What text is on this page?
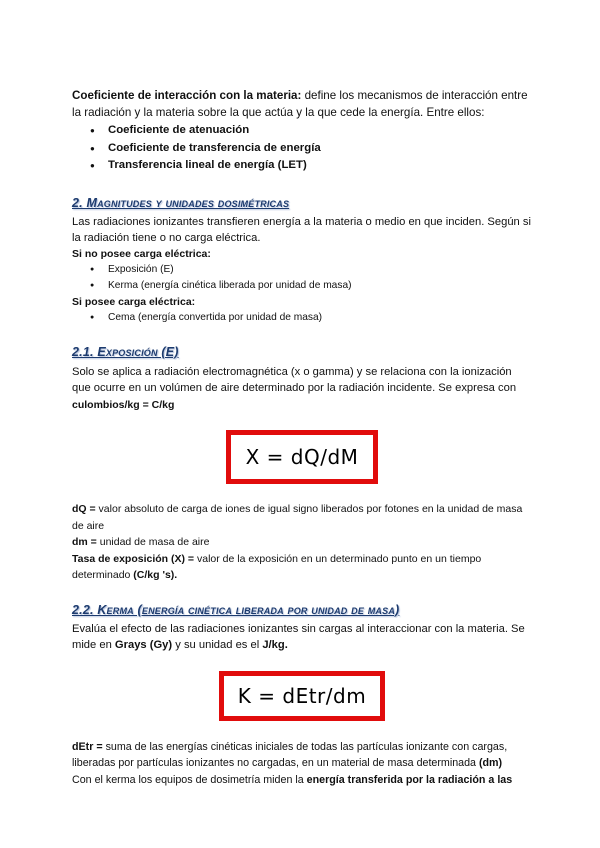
Coeficiente de interacción con la materia: define los mecanismos de interacción entre la radiación y la materia sobre la que actúa y la que cede la energía. Entre ellos:

● Coeficiente de atenuación
● Coeficiente de transferencia de energía
● Transferencia lineal de energía (LET)
2. Magnitudes y unidades dosimétricas

Las radiaciones ionizantes transfieren energía a la materia o medio en que inciden. Según si la radiación tiene o no carga eléctrica.

Si no posee carga eléctrica:
● Exposición (E)
● Kerma (energía cinética liberada por unidad de masa)
Si posee carga eléctrica:
● Cema (energía convertida por unidad de masa)
2.1. Exposición (E)

Solo se aplica a radiación electromagnética (x o gamma) y se relaciona con la ionización que ocurre en un volúmen de aire determinado por la radiación incidente. Se expresa con

culombios/kg = C/kg

X = dQ/dM

dQ = valor absoluto de carga de iones de igual signo liberados por fotones en la unidad de masa de aire

dm = unidad de masa de aire

Tasa de exposición (X) = valor de la exposición en un determinado punto en un tiempo determinado (C/kg 's).

2.2. Kerma (energía cinética liberada por unidad de masa)

Evalúa el efecto de las radiaciones ionizantes sin cargas al interaccionar con la materia. Se mide en Grays (Gy) y su unidad es el J/kg.

K = dEtr/dm

dEtr = suma de las energías cinéticas iniciales de todas las partículas ionizante con cargas, liberadas por partículas ionizantes no cargadas, en un material de masa determinada (dm)

Con el kerma los equipos de dosimetría miden la energía transferida por la radiación a las
